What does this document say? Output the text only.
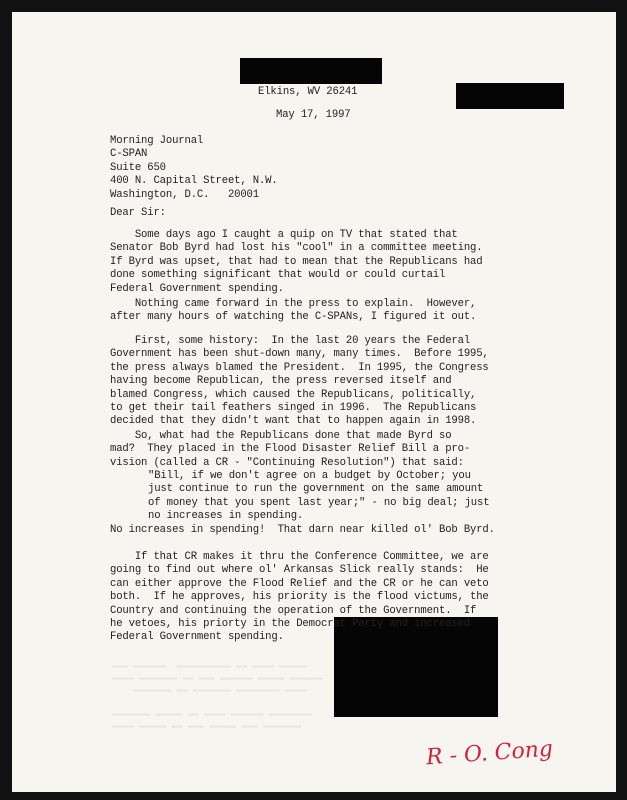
Elkins, WV 26241
May 17, 1997
Morning Journal
C-SPAN
Suite 650
400 N. Capital Street, N.W.
Washington, D.C.   20001
Dear Sir:
Some days ago I caught a quip on TV that stated that
Senator Bob Byrd had lost his "cool" in a committee meeting.
If Byrd was upset, that had to mean that the Republicans had
done something significant that would or could curtail
Federal Government spending.
Nothing came forward in the press to explain.  However,
after many hours of watching the C-SPANs, I figured it out.
First, some history:  In the last 20 years the Federal
Government has been shut-down many, many times.  Before 1995,
the press always blamed the President.  In 1995, the Congress
having become Republican, the press reversed itself and
blamed Congress, which caused the Republicans, politically,
to get their tail feathers singed in 1996.  The Republicans
decided that they didn't want that to happen again in 1998.
So, what had the Republicans done that made Byrd so
mad?  They placed in the Flood Disaster Relief Bill a pro-
vision (called a CR - "Continuing Resolution") that said:
"Bill, if we don't agree on a budget by October; you
just continue to run the government on the same amount
of money that you spent last year;" - no big deal; just
no increases in spending.
No increases in spending!  That darn near killed ol' Bob Byrd.
If that CR makes it thru the Conference Committee, we are
going to find out where ol' Arkansas Slick really stands:  He
can either approve the Flood Relief and the CR or he can veto
both.  If he approves, his priority is the flood victums, the
Country and continuing the operation of the Government.  If
he vetoes, his priorty in the Democrat Party and increased
Federal Government spending.
▬▬▬ ▬▬▬▬▬▬  ▬▬▬▬▬▬▬▬▬▬ ▬▬ ▬▬▬▬ ▬▬▬▬▬
▬▬▬▬ ▬▬▬▬▬▬▬ ▬▬ ▬▬▬ ▬▬▬▬▬▬ ▬▬▬▬▬ ▬▬▬▬▬▬
▬▬▬▬▬▬▬ ▬▬ ▬▬▬▬▬▬▬ ▬▬▬▬▬▬▬▬ ▬▬▬▬

▬▬▬▬▬▬▬ ▬▬▬▬▬ ▬▬ ▬▬▬▬ ▬▬▬▬▬▬ ▬▬▬▬▬▬▬▬
▬▬▬▬ ▬▬▬▬▬ ▬▬ ▬▬▬ ▬▬▬▬▬ ▬▬▬ ▬▬▬▬▬▬▬
R - O. Cong
